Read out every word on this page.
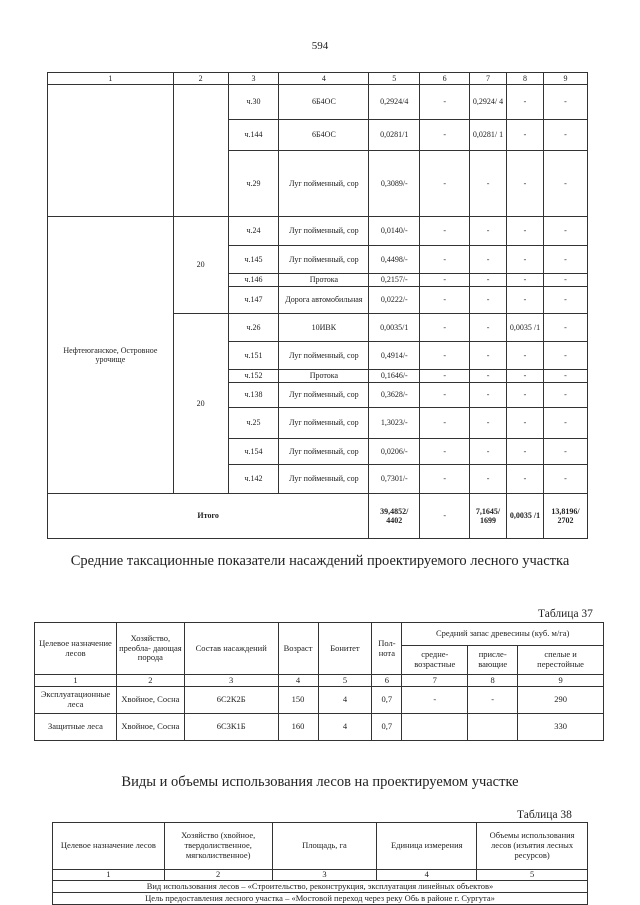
594
1	2	3	4	5	6	7	8	9
		ч.30	6Б4ОС	0,2924/4	-	0,2924/ 4	-	-
		ч.144	6Б4ОС	0,0281/1	-	0,0281/ 1	-	-
		ч.29	Луг пойменный, сор	0,3089/-	-	-	-	-
Нефтеюганское, Островное урочище	20	ч.24	Луг пойменный, сор	0,0140/-	-	-	-	-
		ч.145	Луг пойменный, сор	0,4498/-	-	-	-	-
		ч.146	Протока	0,2157/-	-	-	-	-
		ч.147	Дорога автомобильная	0,0222/-	-	-	-	-
	20	ч.26	10ИВК	0,0035/1	-	-	0,0035 /1	-
		ч.151	Луг пойменный, сор	0,4914/-	-	-	-	-
		ч.152	Протока	0,1646/-	-	-	-	-
		ч.138	Луг пойменный, сор	0,3628/-	-	-	-	-
		ч.25	Луг пойменный, сор	1,3023/-	-	-	-	-
		ч.154	Луг пойменный, сор	0,0206/-	-	-	-	-
		ч.142	Луг пойменный, сор	0,7301/-	-	-	-	-
Итого				39,4852/ 4402	-	7,1645/ 1699	0,0035 /1	13,8196/ 2702
Средние таксационные показатели насаждений проектируемого лесного участка
Таблица 37
Целевое назначение лесов	Хозяйство, преобла- дающая порода	Состав насаждений	Возраст	Бонитет	Пол- нота	Средний запас древесины (куб. м/га)		
						средне- возрастные	присле- вающие	спелые и перестойные
1	2	3	4	5	6	7	8	9
Эксплуатационные леса	Хвойное, Сосна	6С2К2Б	150	4	0,7	-	-	290
Защитные леса	Хвойное, Сосна	6С3К1Б	160	4	0,7			330
Виды и объемы использования лесов на проектируемом участке
Таблица 38
Целевое назначение лесов	Хозяйство (хвойное, твердолиственное, мягколиственное)	Площадь, га	Единица измерения	Объемы использования лесов (изъятия лесных ресурсов)
1	2	3	4	5
Вид использования лесов – «Строительство, реконструкция, эксплуатация линейных объектов»				
Цель предоставления лесного участка – «Мостовой переход через реку Обь в районе г. Сургута»				
